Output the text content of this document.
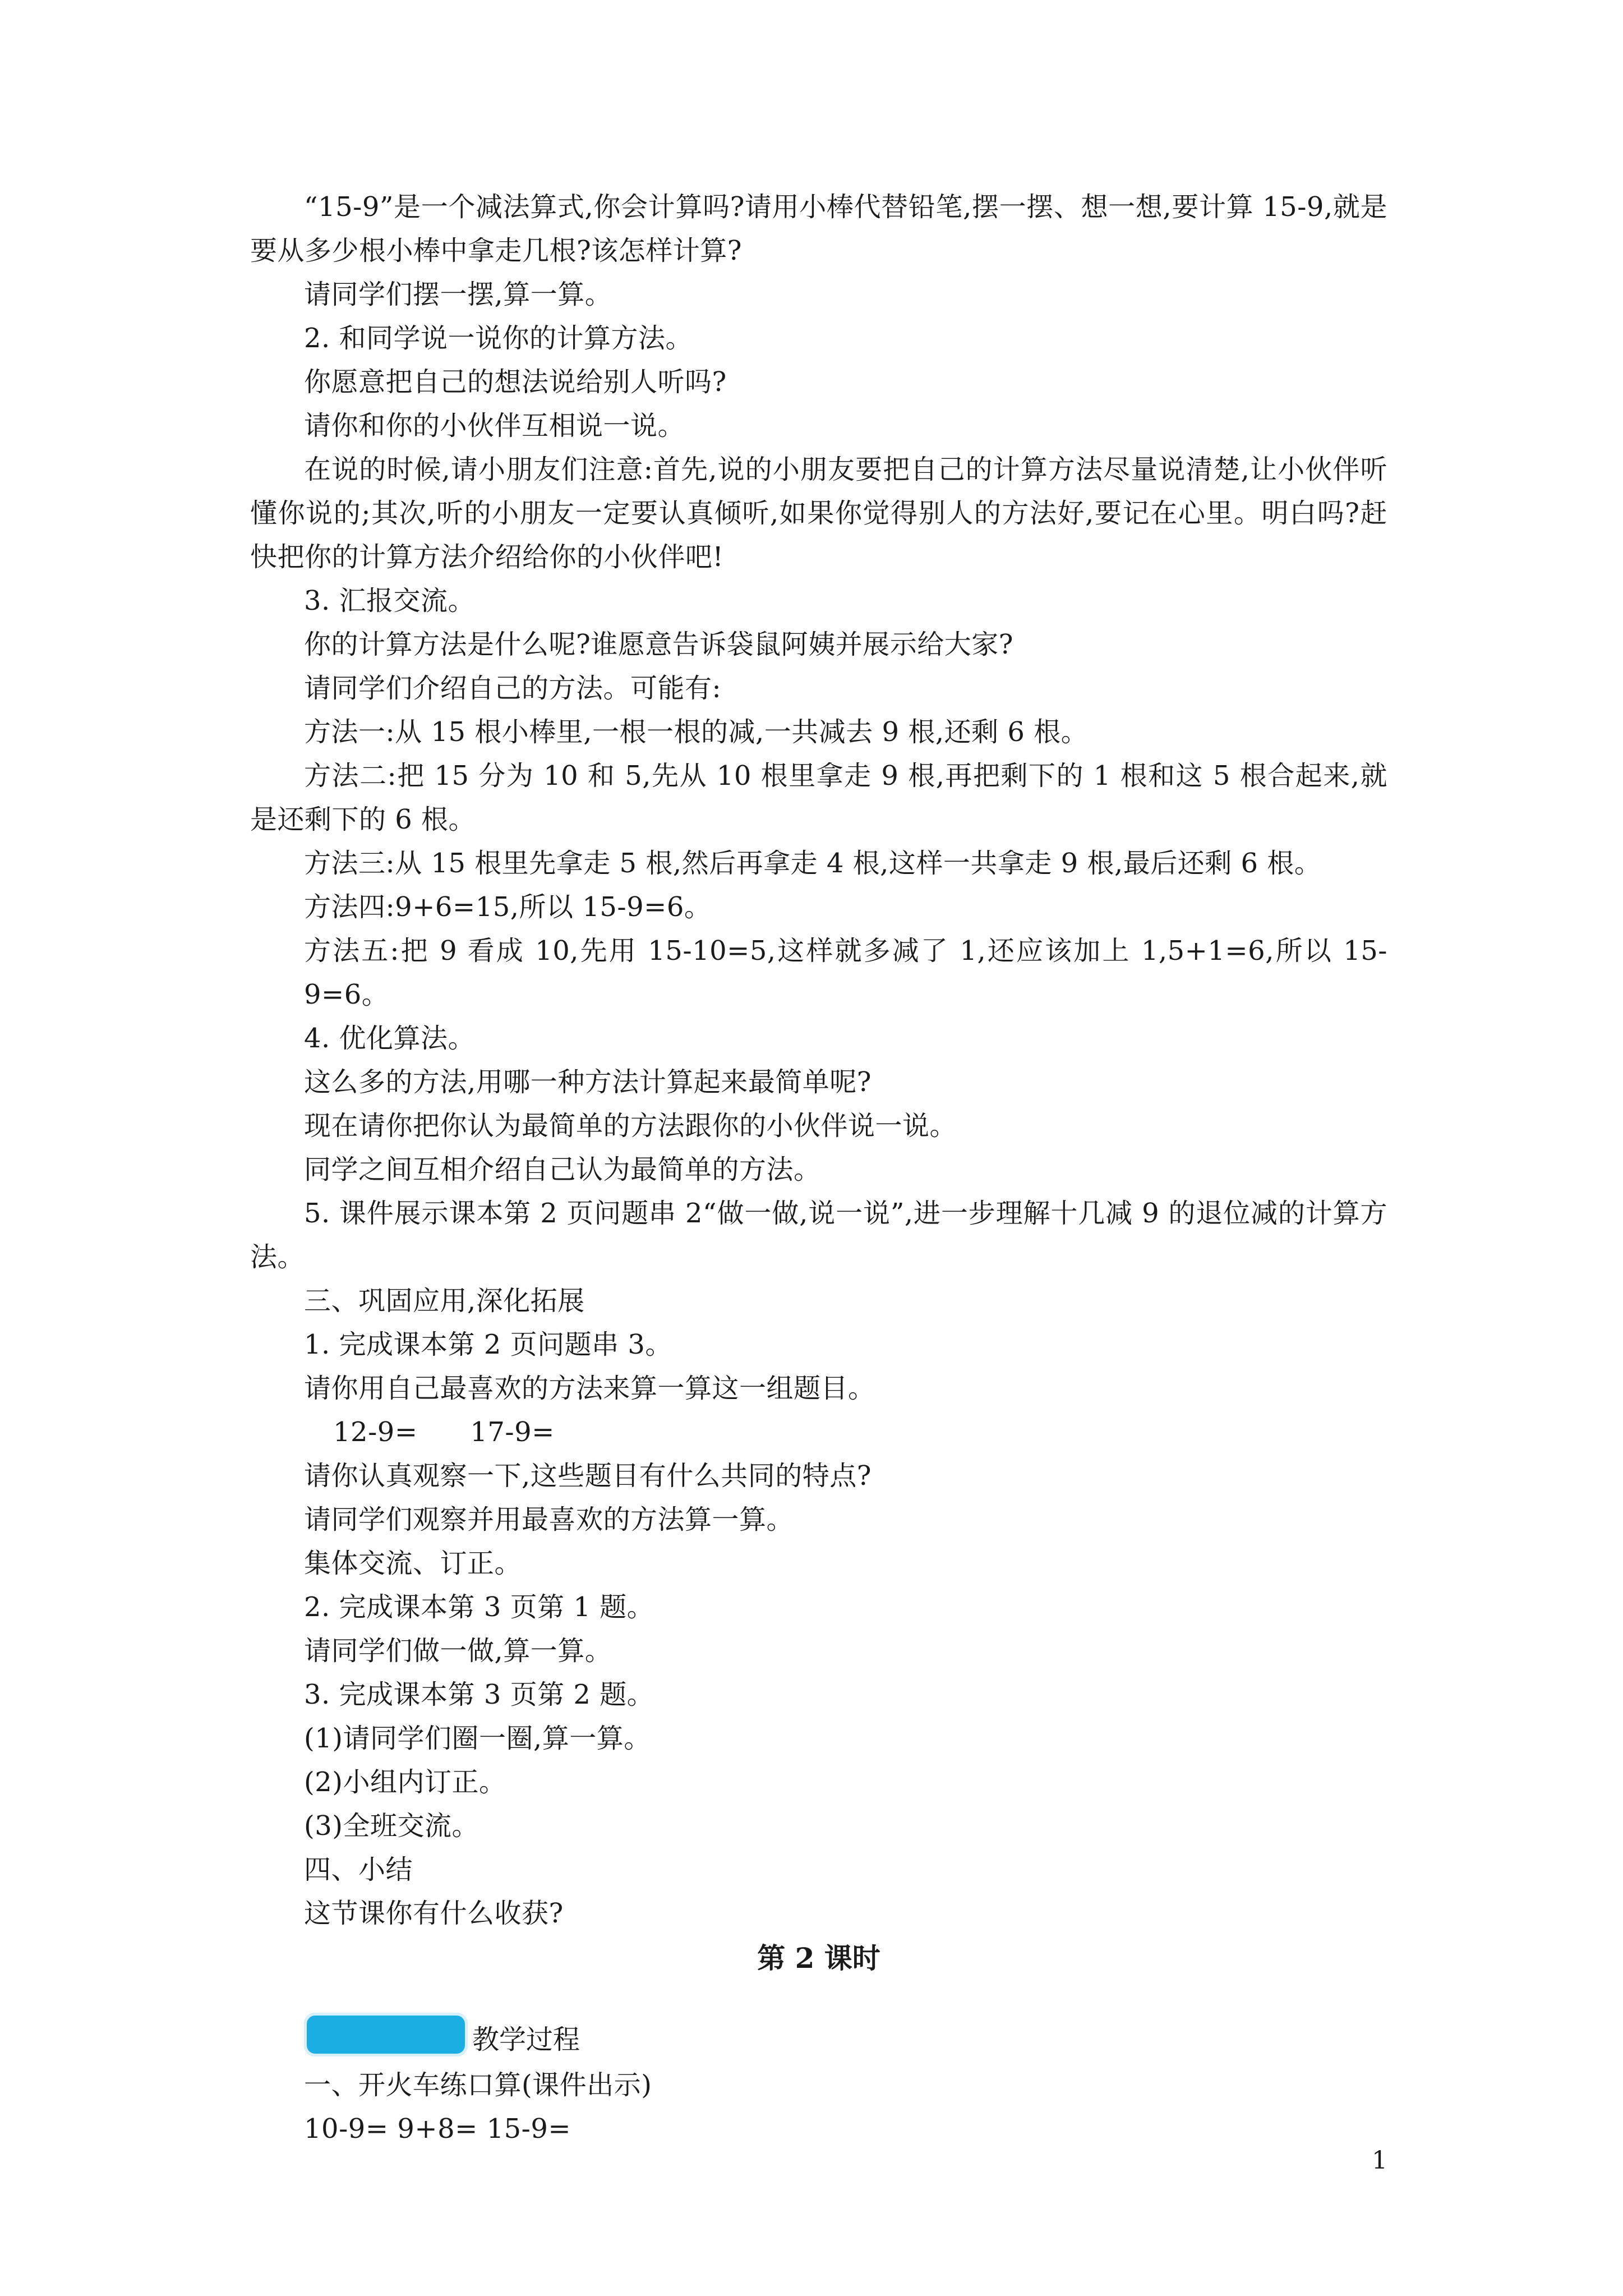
“15-9”是一个减法算式,你会计算吗?请用小棒代替铅笔,摆一摆、想一想,要计算 15-9,就是要从多少根小棒中拿走几根?该怎样计算?

请同学们摆一摆,算一算。

2. 和同学说一说你的计算方法。

你愿意把自己的想法说给别人听吗?

请你和你的小伙伴互相说一说。

在说的时候,请小朋友们注意:首先,说的小朋友要把自己的计算方法尽量说清楚,让小伙伴听懂你说的;其次,听的小朋友一定要认真倾听,如果你觉得别人的方法好,要记在心里。明白吗?赶快把你的计算方法介绍给你的小伙伴吧!

3. 汇报交流。

你的计算方法是什么呢?谁愿意告诉袋鼠阿姨并展示给大家?

请同学们介绍自己的方法。可能有:

方法一:从 15 根小棒里,一根一根的减,一共减去 9 根,还剩 6 根。

方法二:把 15 分为 10 和 5,先从 10 根里拿走 9 根,再把剩下的 1 根和这 5 根合起来,就是还剩下的 6 根。

方法三:从 15 根里先拿走 5 根,然后再拿走 4 根,这样一共拿走 9 根,最后还剩 6 根。

方法四:9+6=15,所以 15-9=6。

方法五:把 9 看成 10,先用 15-10=5,这样就多减了 1,还应该加上 1,5+1=6,所以 15-9=6。

4. 优化算法。

这么多的方法,用哪一种方法计算起来最简单呢?

现在请你把你认为最简单的方法跟你的小伙伴说一说。

同学之间互相介绍自己认为最简单的方法。

5. 课件展示课本第 2 页问题串 2“做一做,说一说”,进一步理解十几减 9 的退位减的计算方法。

三、巩固应用,深化拓展

1. 完成课本第 2 页问题串 3。

请你用自己最喜欢的方法来算一算这一组题目。

12-9= 17-9=

请你认真观察一下,这些题目有什么共同的特点?

请同学们观察并用最喜欢的方法算一算。

集体交流、订正。

2. 完成课本第 3 页第 1 题。

请同学们做一做,算一算。

3. 完成课本第 3 页第 2 题。

(1)请同学们圈一圈,算一算。

(2)小组内订正。

(3)全班交流。

四、小结

这节课你有什么收获?

第 2 课时
教学过程

一、开火车练口算(课件出示)

10-9= 9+8= 15-9=

1
